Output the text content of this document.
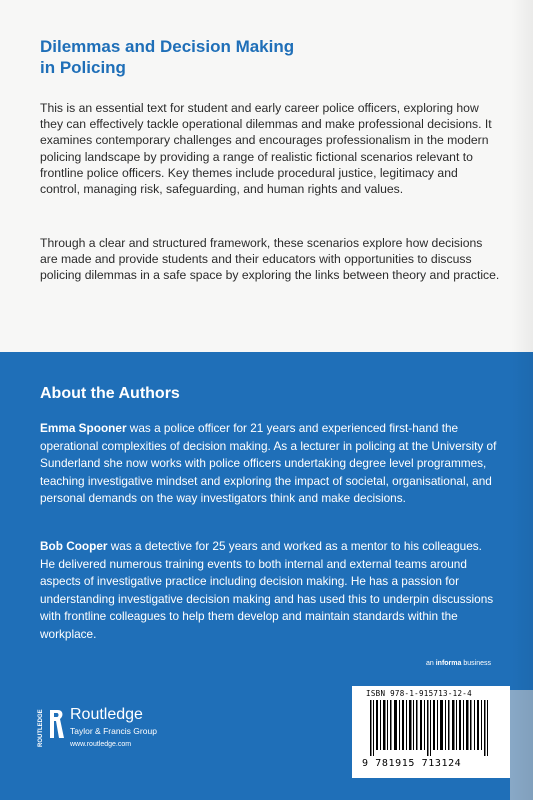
Dilemmas and Decision Making
in Policing
This is an essential text for student and early career police officers, exploring how they can effectively tackle operational dilemmas and make professional decisions. It examines contemporary challenges and encourages professionalism in the modern policing landscape by providing a range of realistic fictional scenarios relevant to frontline police officers. Key themes include procedural justice, legitimacy and control, managing risk, safeguarding, and human rights and values.
Through a clear and structured framework, these scenarios explore how decisions are made and provide students and their educators with opportunities to discuss policing dilemmas in a safe space by exploring the links between theory and practice.
About the Authors
Emma Spooner was a police officer for 21 years and experienced first-hand the operational complexities of decision making. As a lecturer in policing at the University of Sunderland she now works with police officers undertaking degree level programmes, teaching investigative mindset and exploring the impact of societal, organisational, and personal demands on the way investigators think and make decisions.
Bob Cooper was a detective for 25 years and worked as a mentor to his colleagues. He delivered numerous training events to both internal and external teams around aspects of investigative practice including decision making. He has a passion for understanding investigative decision making and has used this to underpin discussions with frontline colleagues to help them develop and maintain standards within the workplace.
an informa business
ISBN 978-1-915713-12-4
9 781915 713124
ROUTLEDGE Routledge
Taylor & Francis Group
www.routledge.com
